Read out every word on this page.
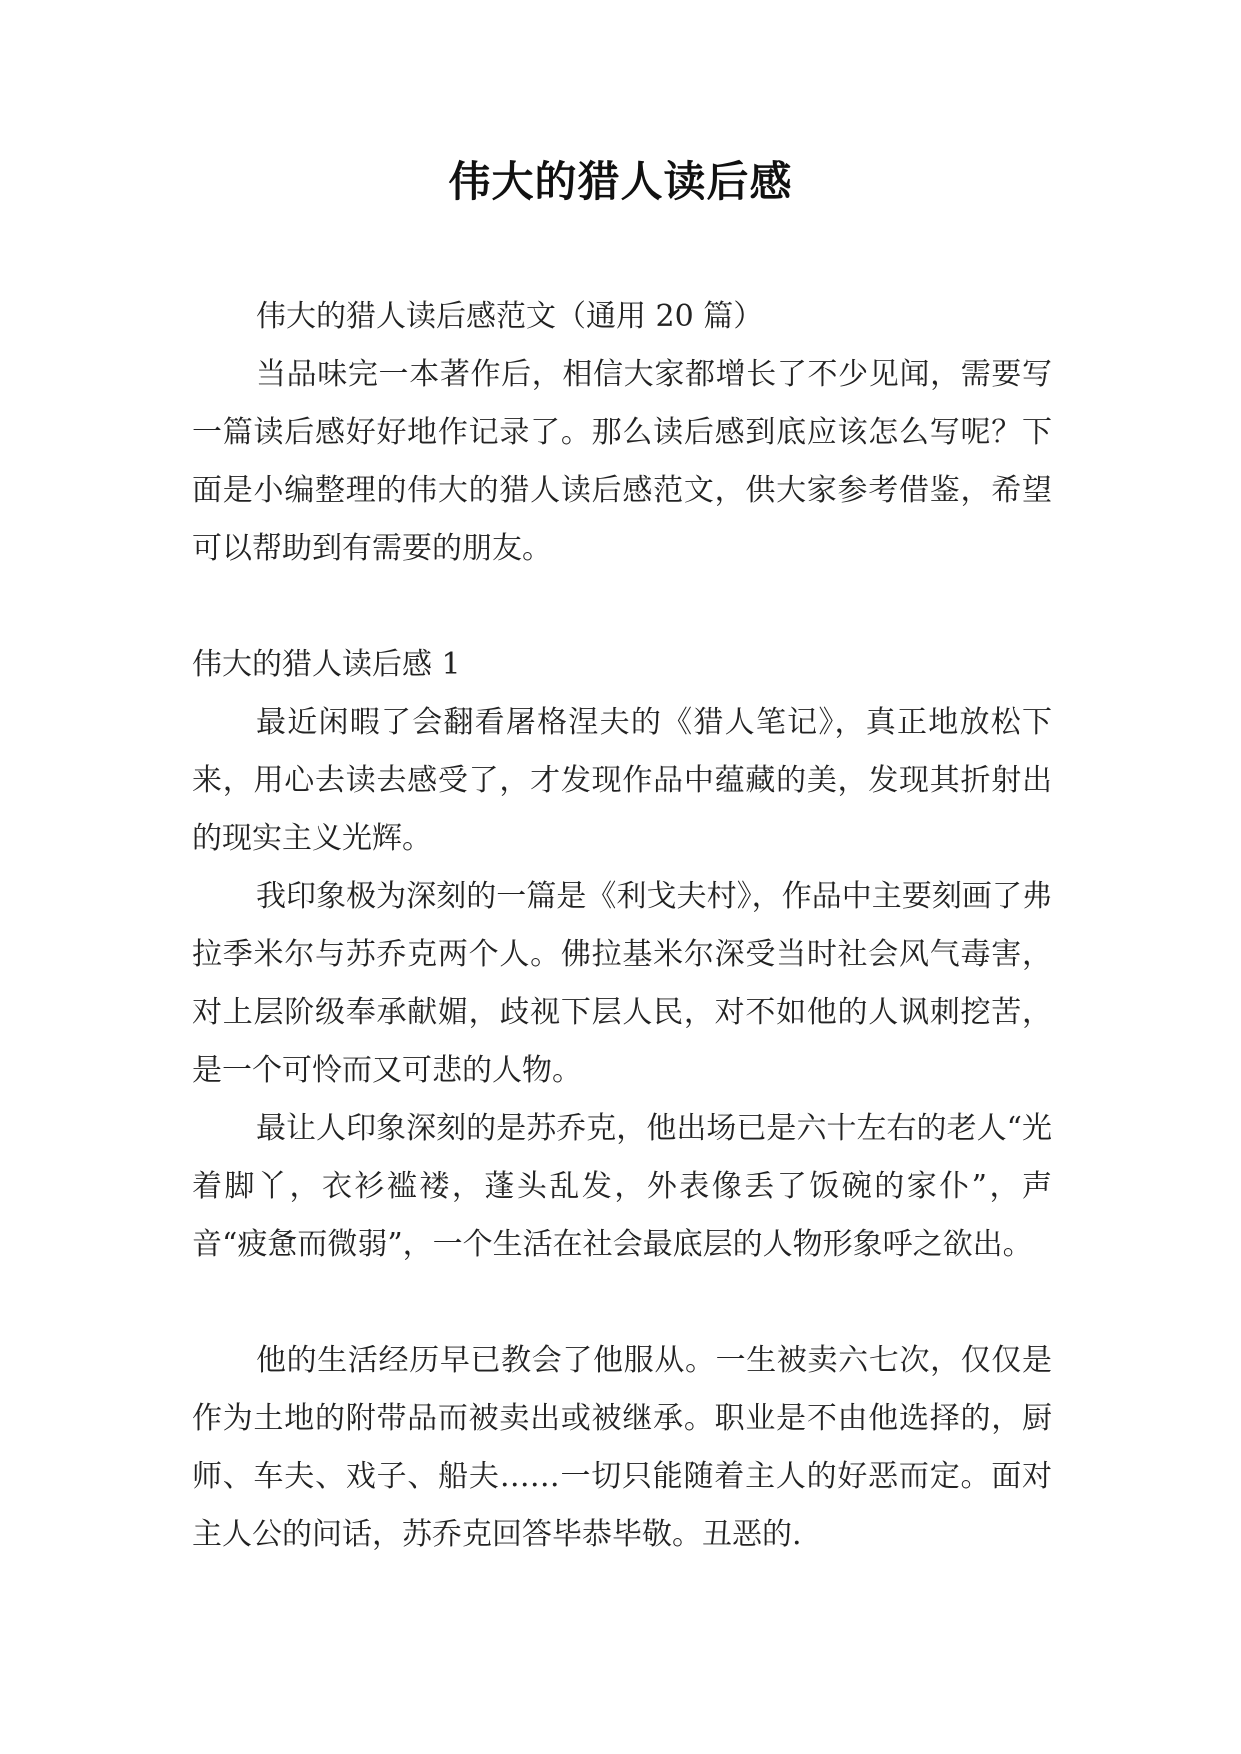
伟大的猎人读后感

伟大的猎人读后感范文（通用 20 篇）

当品味完一本著作后，相信大家都增长了不少见闻，需要写一篇读后感好好地作记录了。那么读后感到底应该怎么写呢？下面是小编整理的伟大的猎人读后感范文，供大家参考借鉴，希望可以帮助到有需要的朋友。

伟大的猎人读后感 1

最近闲暇了会翻看屠格涅夫的《猎人笔记》，真正地放松下来，用心去读去感受了，才发现作品中蕴藏的美，发现其折射出的现实主义光辉。

我印象极为深刻的一篇是《利戈夫村》，作品中主要刻画了弗拉季米尔与苏乔克两个人。佛拉基米尔深受当时社会风气毒害，对上层阶级奉承献媚，歧视下层人民，对不如他的人讽刺挖苦，是一个可怜而又可悲的人物。

最让人印象深刻的是苏乔克，他出场已是六十左右的老人“光着脚丫，衣衫褴褛，蓬头乱发，外表像丢了饭碗的家仆”，声音“疲惫而微弱”，一个生活在社会最底层的人物形象呼之欲出。

他的生活经历早已教会了他服从。一生被卖六七次，仅仅是作为土地的附带品而被卖出或被继承。职业是不由他选择的，厨师、车夫、戏子、船夫……一切只能随着主人的好恶而定。面对主人公的问话，苏乔克回答毕恭毕敬。丑恶的.
